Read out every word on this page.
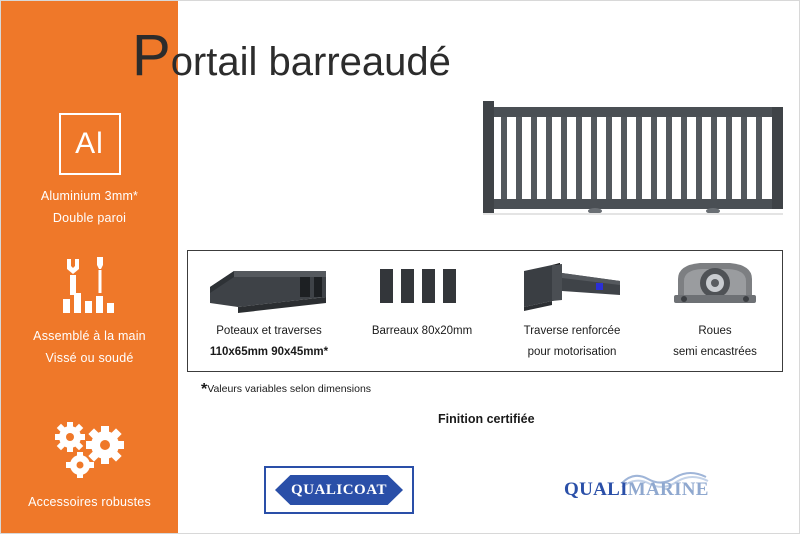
Al
Aluminium 3mm*
Double paroi
Assemblé à la main
Vissé ou soudé
Accessoires robustes
Portail barreaudé
Poteaux et traverses
110x65mm 90x45mm*
Barreaux 80x20mm	Traverse renforcée
pour motorisation
Roues
semi encastrées
*Valeurs variables selon dimensions
Finition certifiée
QUALICOAT	QUALIMARINE
